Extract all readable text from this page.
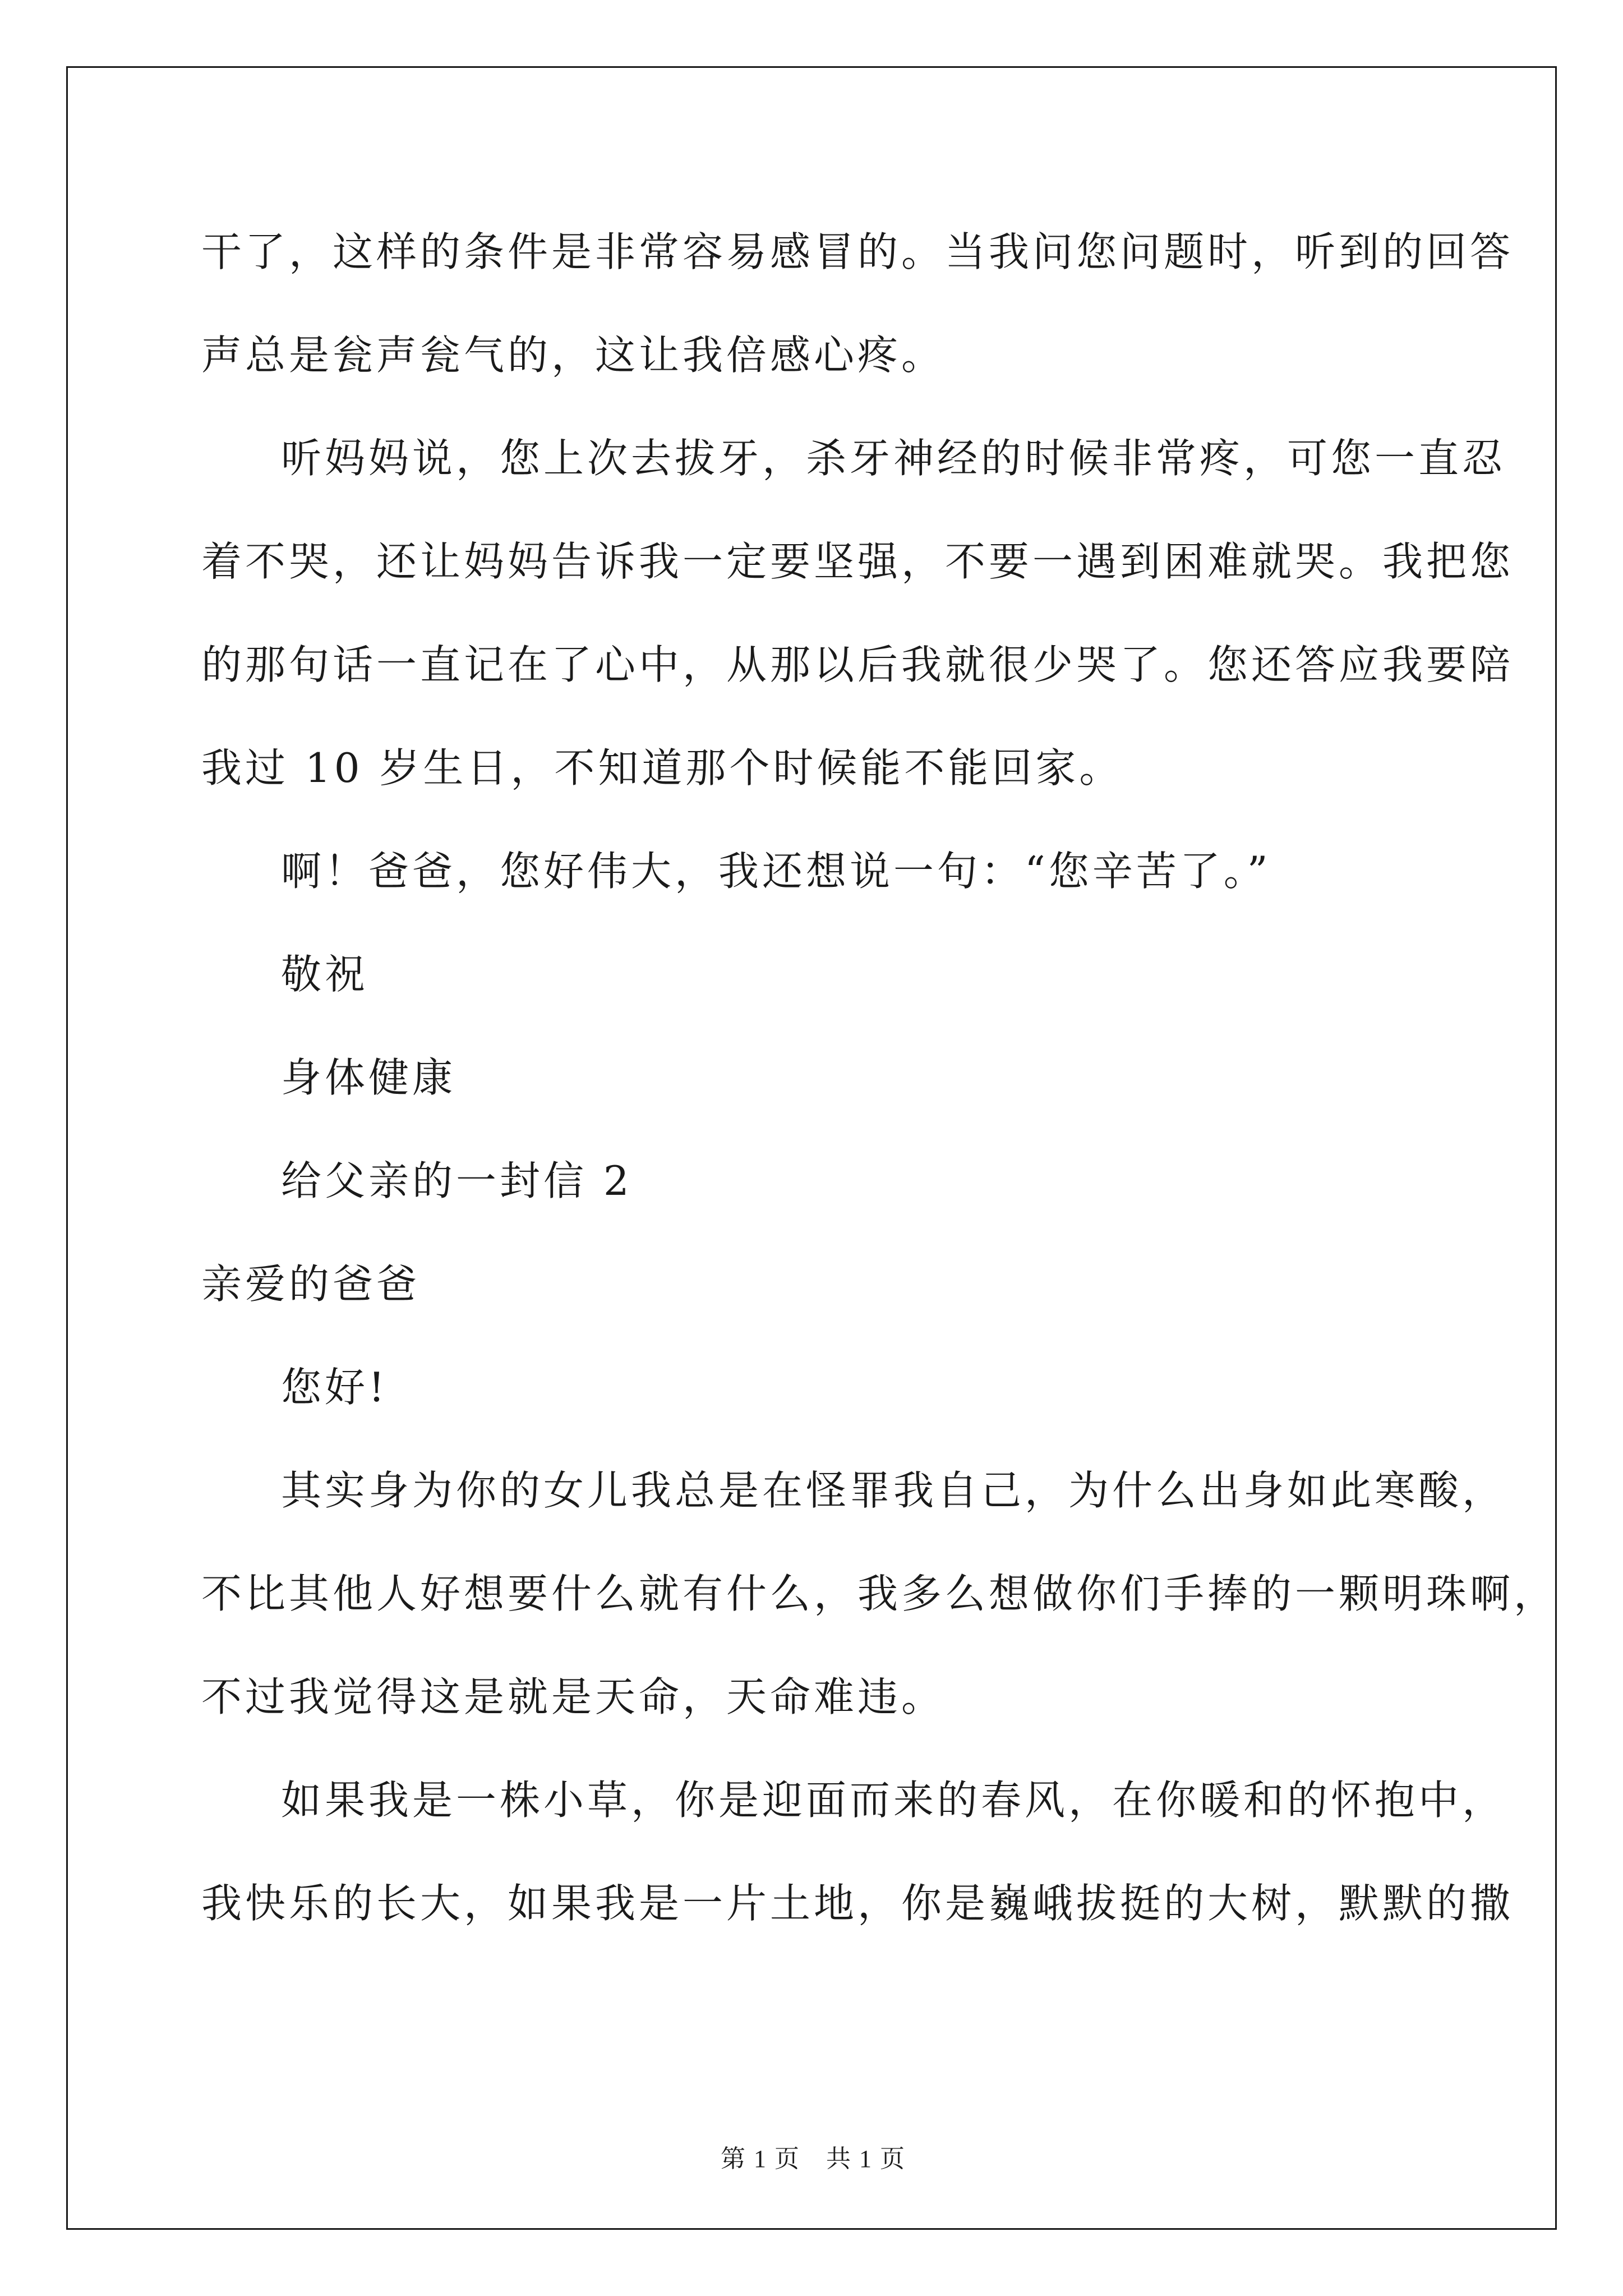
干了，这样的条件是非常容易感冒的。当我问您问题时，听到的回答
声总是瓮声瓮气的，这让我倍感心疼。
听妈妈说，您上次去拔牙，杀牙神经的时候非常疼，可您一直忍
着不哭，还让妈妈告诉我一定要坚强，不要一遇到困难就哭。我把您
的那句话一直记在了心中，从那以后我就很少哭了。您还答应我要陪
我过 10 岁生日，不知道那个时候能不能回家。
啊！爸爸，您好伟大，我还想说一句：“您辛苦了。”
敬祝
身体健康
给父亲的一封信 2
亲爱的爸爸
您好!
其实身为你的女儿我总是在怪罪我自己，为什么出身如此寒酸，
不比其他人好想要什么就有什么，我多么想做你们手捧的一颗明珠啊，
不过我觉得这是就是天命，天命难违。
如果我是一株小草，你是迎面而来的春风，在你暖和的怀抱中，
我快乐的长大，如果我是一片土地，你是巍峨拔挺的大树，默默的撒
第 1 页　共 1 页
